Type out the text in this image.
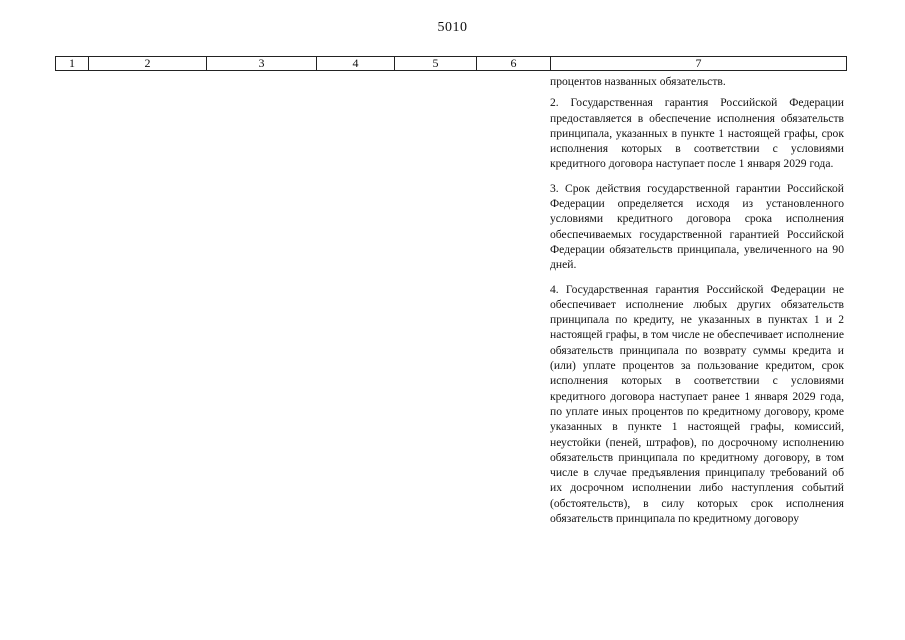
5010
1	2	3	4	5	6	7

процентов названных обязательств.

2. Государственная гарантия Российской Федерации предоставляется в обеспечение исполнения обязательств принципала, указанных в пункте 1 настоящей графы, срок исполнения которых в соответствии с условиями кредитного договора наступает после 1 января 2029 года.

3. Срок действия государственной гарантии Российской Федерации определяется исходя из установленного условиями кредитного договора срока исполнения обеспечиваемых государственной гарантией Российской Федерации обязательств принципала, увеличенного на 90 дней.

4. Государственная гарантия Российской Федерации не обеспечивает исполнение любых других обязательств принципала по кредиту, не указанных в пунктах 1 и 2 настоящей графы, в том числе не обеспечивает исполнение обязательств принципала по возврату суммы кредита и (или) уплате процентов за пользование кредитом, срок исполнения которых в соответствии с условиями кредитного договора наступает ранее 1 января 2029 года, по уплате иных процентов по кредитному договору, кроме указанных в пункте 1 настоящей графы, комиссий, неустойки (пеней, штрафов), по досрочному исполнению обязательств принципала по кредитному договору, в том числе в случае предъявления принципалу требований об их досрочном исполнении либо наступления событий (обстоятельств), в силу которых срок исполнения обязательств принципала по кредитному договору
